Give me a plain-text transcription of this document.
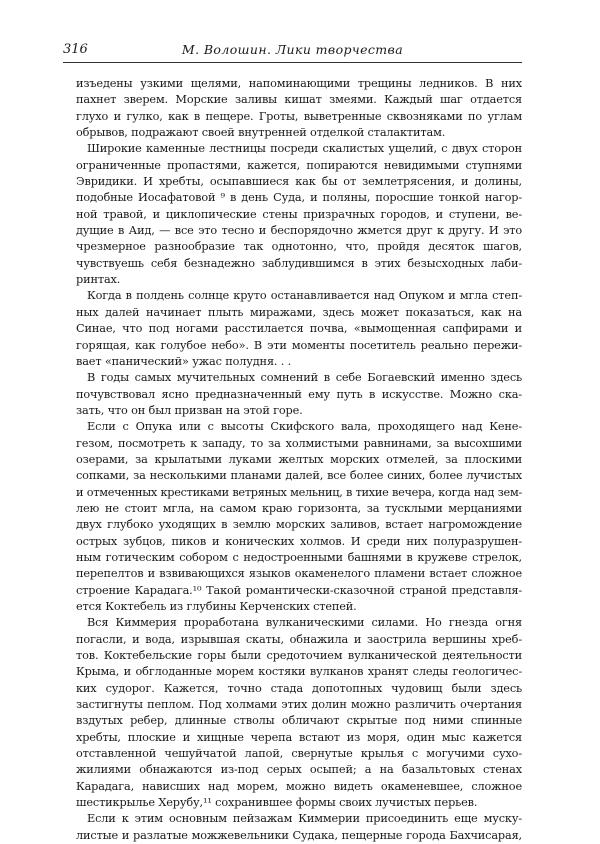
316	М. Волошин. Лики творчества
изъедены узкими щелями, напоминающими трещины ледников. В них
пахнет зверем. Морские заливы кишат змеями. Каждый шаг отдается
глухо и гулко, как в пещере. Гроты, выветренные сквозняками по углам
обрывов, подражают своей внутренней отделкой сталактитам.
Широкие каменные лестницы посреди скалистых ущелий, с двух сторон
ограниченные пропастями, кажется, попираются невидимыми ступнями
Эвридики. И хребты, осыпавшиеся как бы от землетрясения, и долины,
подобные Иосафатовой ⁹ в день Суда, и поляны, поросшие тонкой нагор-
ной травой, и циклопические стены призрачных городов, и ступени, ве-
дущие в Аид, — все это тесно и беспорядочно жмется друг к другу. И это
чрезмерное разнообразие так однотонно, что, пройдя десяток шагов,
чувствуешь себя безнадежно заблудившимся в этих безысходных лаби-
ринтах.
Когда в полдень солнце круто останавливается над Опуком и мгла степ-
ных далей начинает плыть миражами, здесь может показаться, как на
Синае, что под ногами расстилается почва, «вымощенная сапфирами и
горящая, как голубое небо». В эти моменты посетитель реально пережи-
вает «панический» ужас полудня. . .
В годы самых мучительных сомнений в себе Богаевский именно здесь
почувствовал ясно предназначенный ему путь в искусстве. Можно ска-
зать, что он был призван на этой горе.
Если с Опука или с высоты Скифского вала, проходящего над Кене-
гезом, посмотреть к западу, то за холмистыми равнинами, за высохшими
озерами, за крылатыми луками желтых морских отмелей, за плоскими
сопками, за несколькими планами далей, все более синих, более лучистых
и отмеченных крестиками ветряных мельниц, в тихие вечера, когда над зем-
лею не стоит мгла, на самом краю горизонта, за тусклыми мерцаниями
двух глубоко уходящих в землю морских заливов, встает нагромождение
острых зубцов, пиков и конических холмов. И среди них полуразрушен-
ным готическим собором с недостроенными башнями в кружеве стрелок,
перепелтов и взвивающихся языков окаменелого пламени встает сложное
строение Карадага.¹⁰ Такой романтически-сказочной страной представля-
ется Коктебель из глубины Керченских степей.
Вся Киммерия проработана вулканическими силами. Но гнезда огня
погасли, и вода, изрывшая скаты, обнажила и заострила вершины хреб-
тов. Коктебельские горы были средоточием вулканической деятельности
Крыма, и обглоданные морем костяки вулканов хранят следы геологичес-
ких судорог. Кажется, точно стада допотопных чудовищ были здесь
застигнуты пеплом. Под холмами этих долин можно различить очертания
вздутых ребер, длинные стволы обличают скрытые под ними спинные
хребты, плоские и хищные черепа встают из моря, один мыс кажется
отставленной чешуйчатой лапой, свернутые крылья с могучими сухо-
жилиями обнажаются из-под серых осыпей; а на базальтовых стенах
Карадага, нависших над морем, можно видеть окаменевшее, сложное
шестикрылье Херубу,¹¹ сохранившее формы своих лучистых перьев.
Если к этим основным пейзажам Киммерии присоединить еще муску-
листые и разлатые можжевельники Судака, пещерные города Бахчисарая,
